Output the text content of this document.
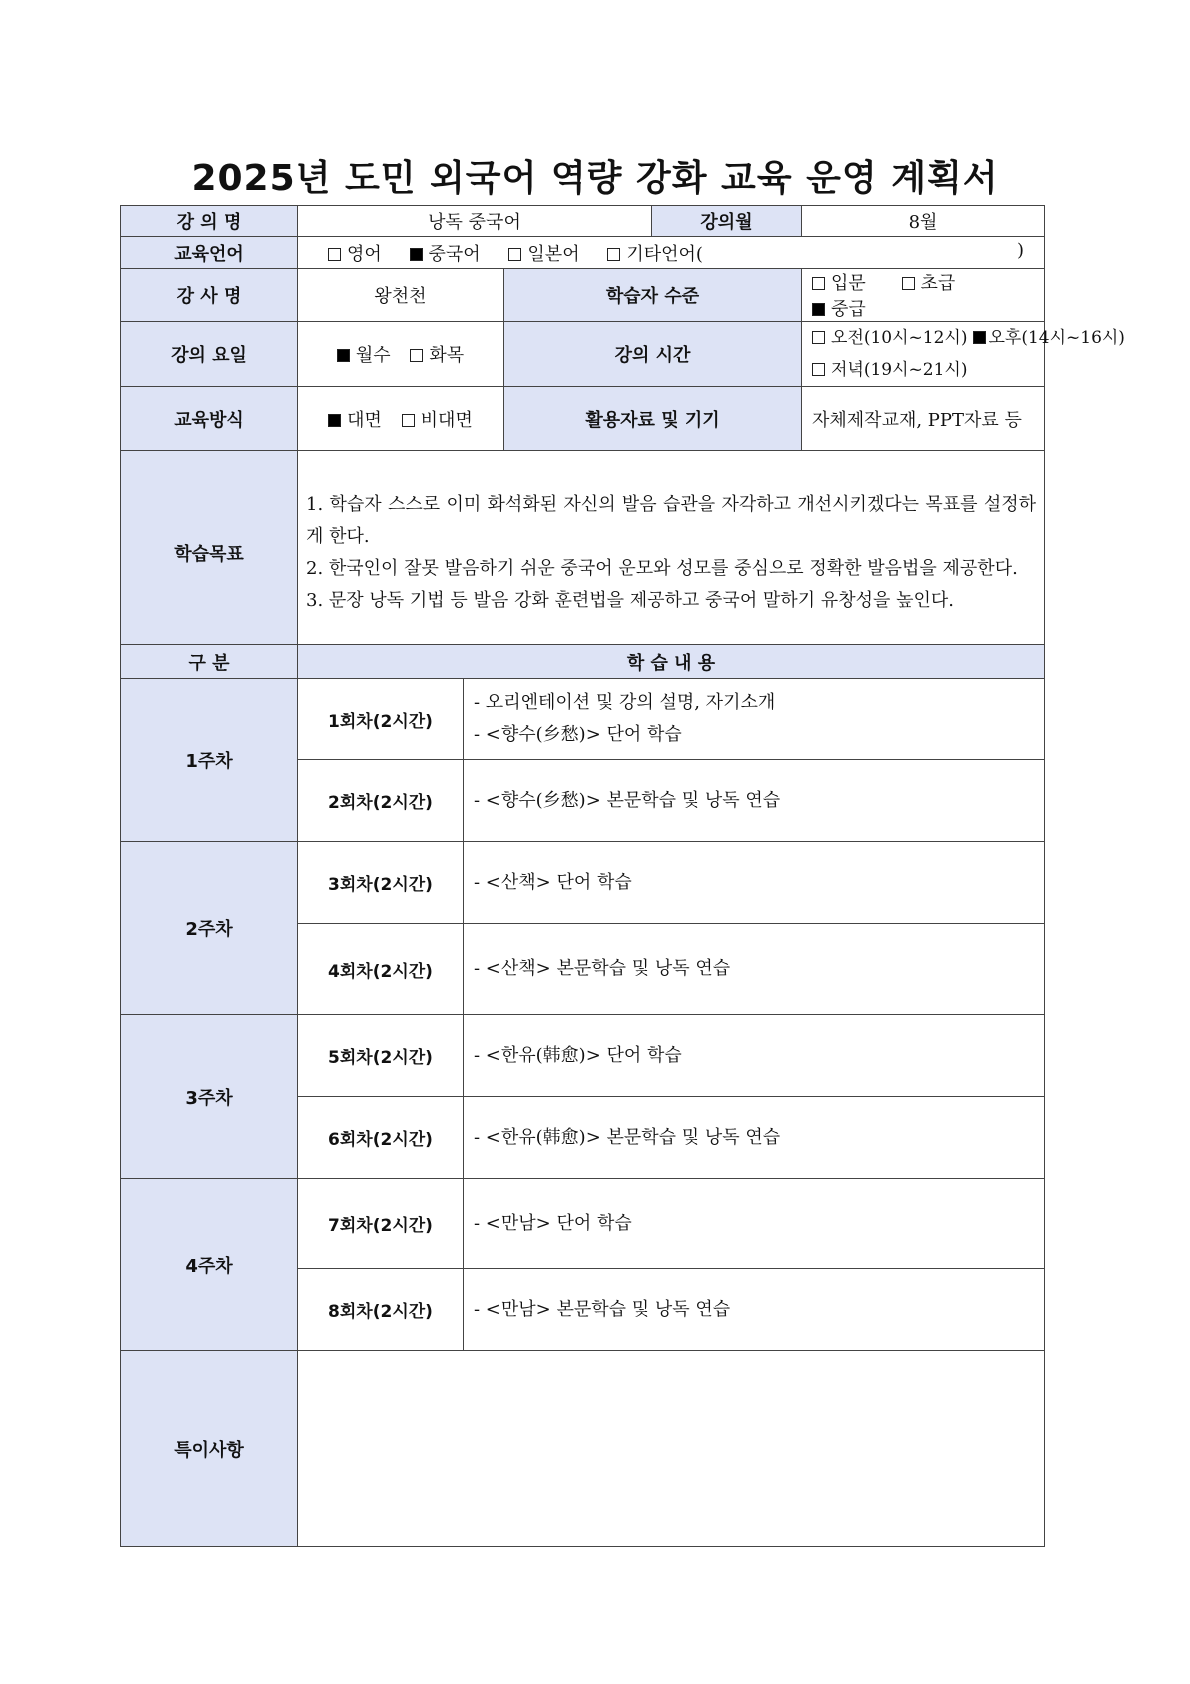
2025년 도민 외국어 역량 강화 교육 운영 계획서
강 의 명	낭독 중국어		강의월	8월
교육언어	영어 중국어 일본어 기타언어( )			

강 사 명	왕천천	학습자 수준		입문 초급 중급
강의 요일	월수 화목	강의 시간		오전(10시~12시) 오후(14시~16시)
저녁(19시~21시)

교육방식	대면 비대면	활용자료 및 기기		자체제작교재, PPT자료 등
학습목표	1. 학습자 스스로 이미 화석화된 자신의 발음 습관을 자각하고 개선시키겠다는 목표를 설정하게 한다.
2. 한국인이 잘못 발음하기 쉬운 중국어 운모와 성모를 중심으로 정확한 발음법을 제공한다.
3. 문장 낭독 기법 등 발음 강화 훈련법을 제공하고 중국어 말하기 유창성을 높인다.			
구 분	학 습 내 용	
1주차	1회차(2시간)	- 오리엔테이션 및 강의 설명, 자기소개
- <향수(乡愁)> 단어 학습

	2회차(2시간)	- <향수(乡愁)> 본문학습 및 낭독 연습

2주차	3회차(2시간)	- <산책> 단어 학습

	4회차(2시간)	- <산책> 본문학습 및 낭독 연습

3주차	5회차(2시간)	- <한유(韩愈)> 단어 학습

	6회차(2시간)	- <한유(韩愈)> 본문학습 및 낭독 연습

4주차	7회차(2시간)	- <만남> 단어 학습

	8회차(2시간)	- <만남> 본문학습 및 낭독 연습

특이사항		
